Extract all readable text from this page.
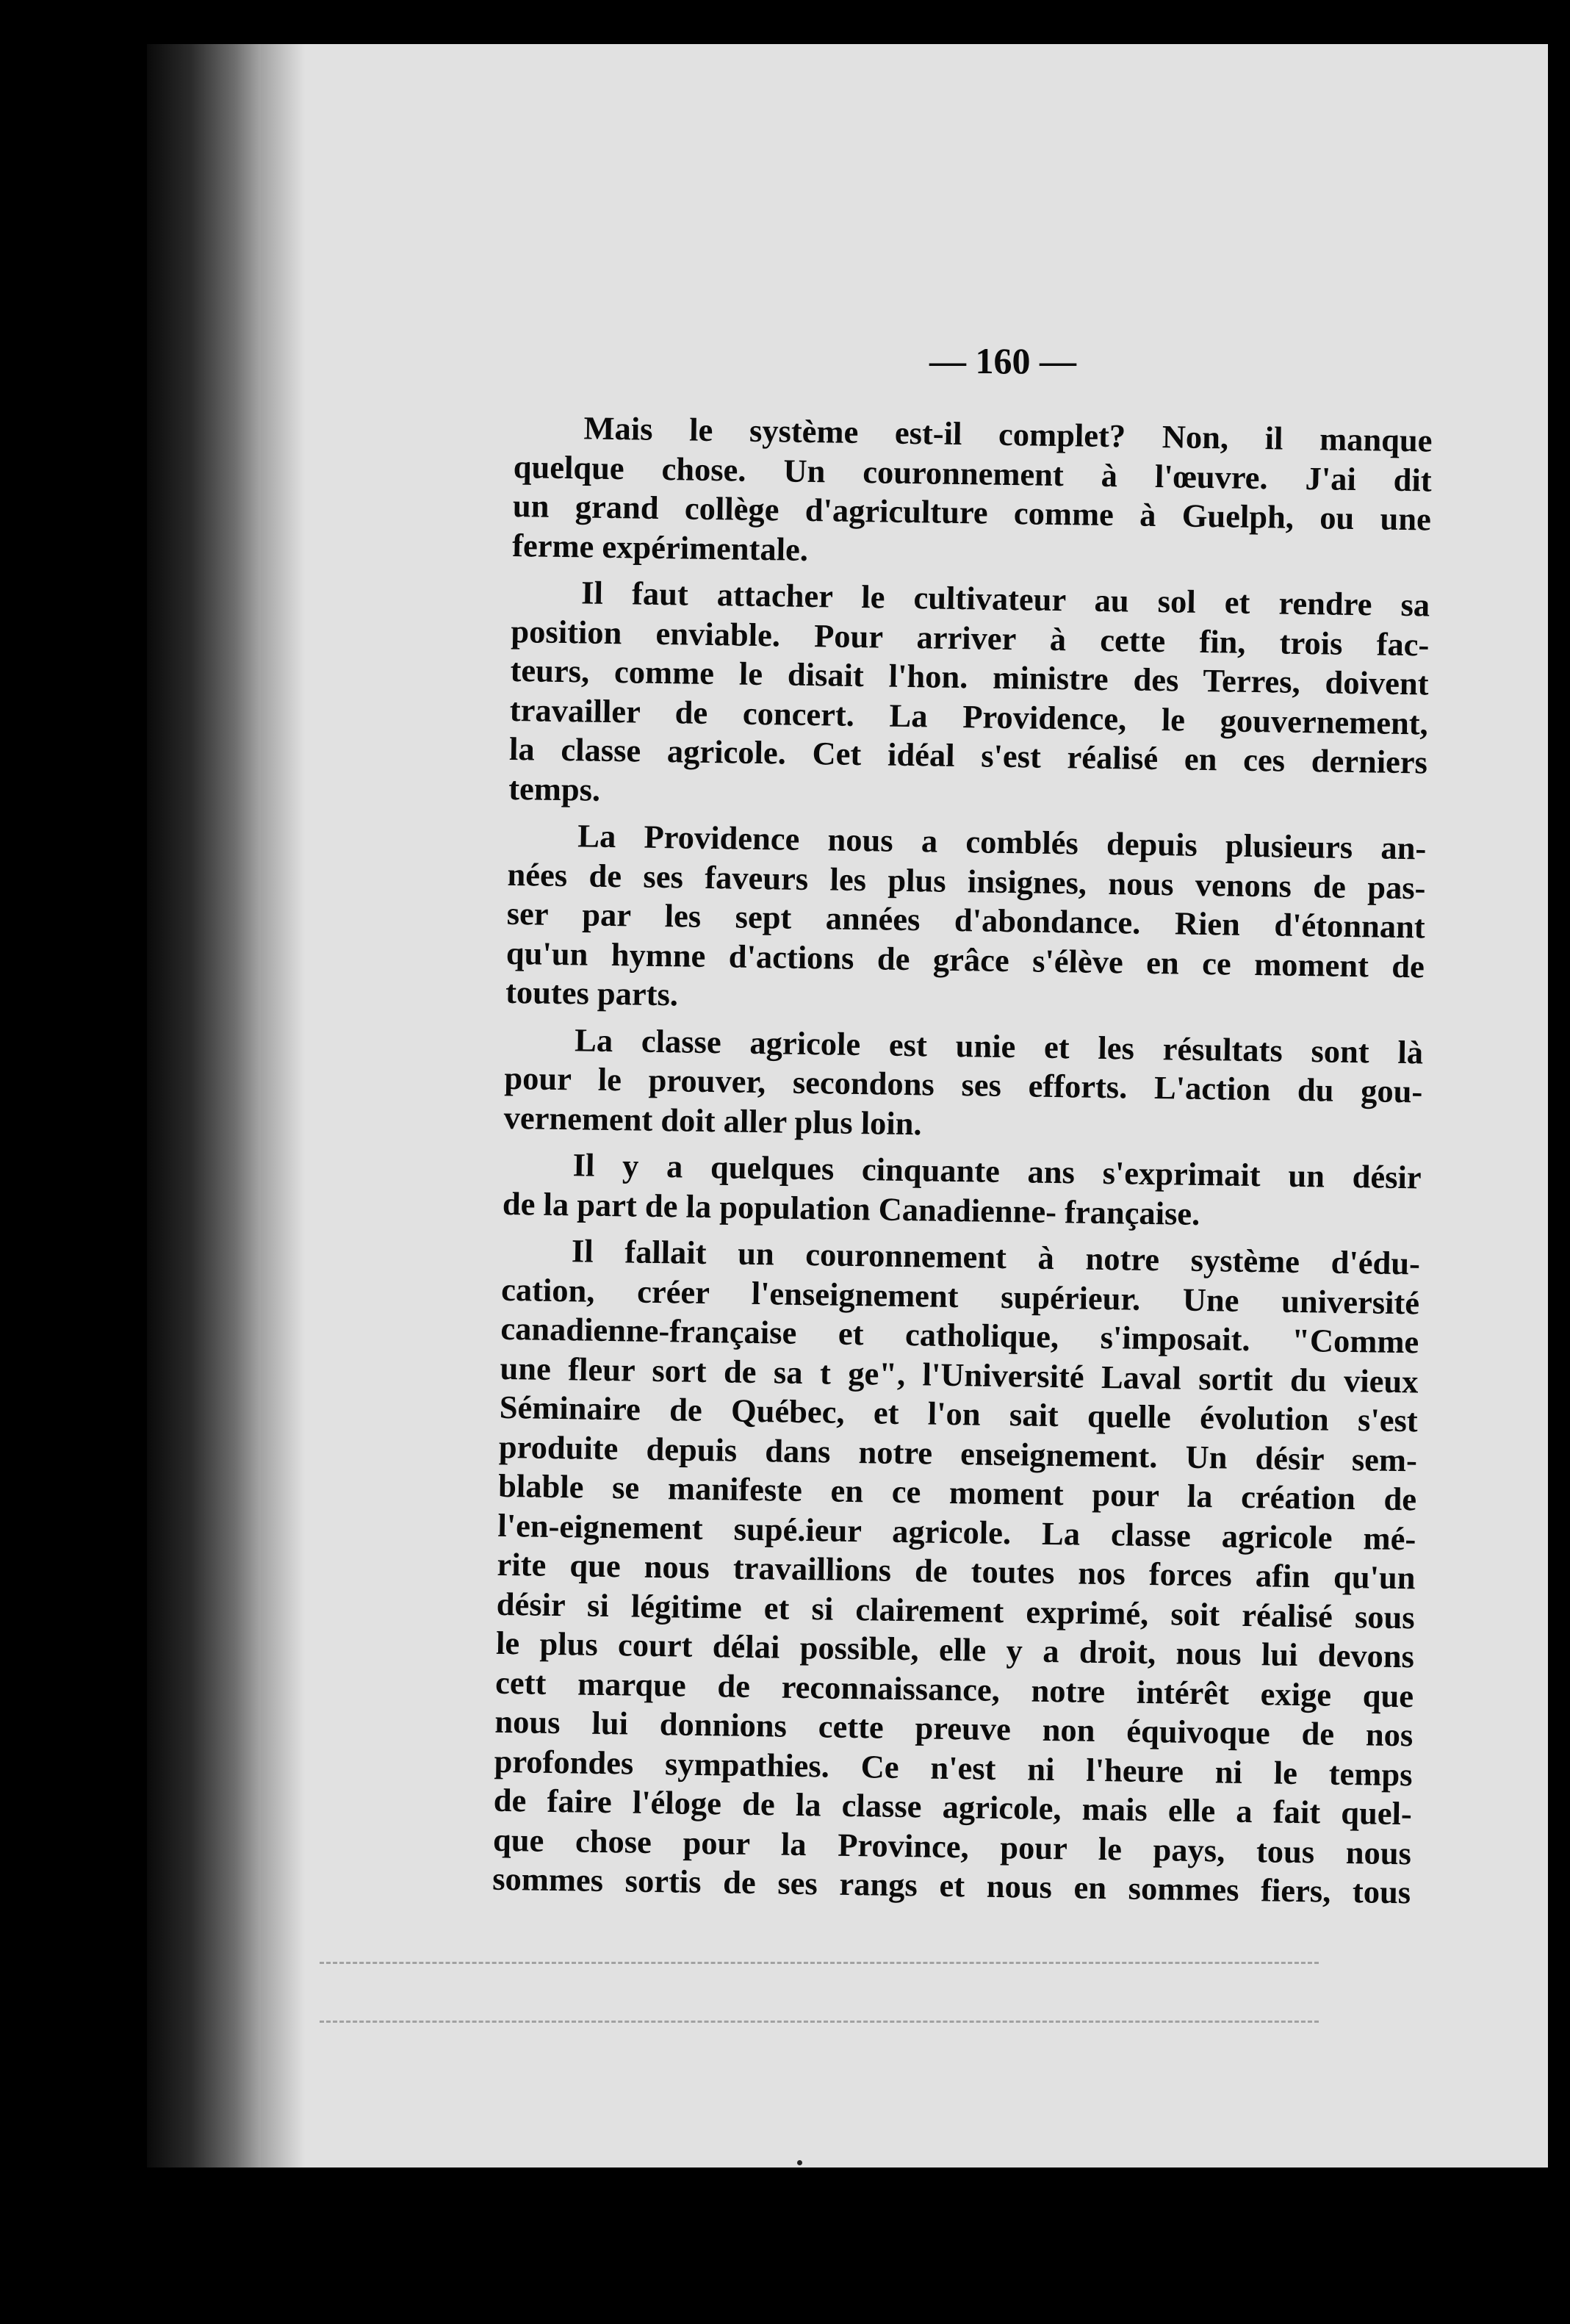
— 160 —
Mais le système est-il complet? Non, il manque
quelque chose. Un couronnement à l'œuvre. J'ai dit
un grand collège d'agriculture comme à Guelph, ou une
ferme expérimentale.
Il faut attacher le cultivateur au sol et rendre sa
position enviable. Pour arriver à cette fin, trois fac-
teurs, comme le disait l'hon. ministre des Terres, doivent
travailler de concert. La Providence, le gouvernement,
la classe agricole. Cet idéal s'est réalisé en ces derniers
temps.
La Providence nous a comblés depuis plusieurs an-
nées de ses faveurs les plus insignes, nous venons de pas-
ser par les sept années d'abondance. Rien d'étonnant
qu'un hymne d'actions de grâce s'élève en ce moment de
toutes parts.
La classe agricole est unie et les résultats sont là
pour le prouver, secondons ses efforts. L'action du gou-
vernement doit aller plus loin.
Il y a quelques cinquante ans s'exprimait un désir
de la part de la population Canadienne- française.
Il fallait un couronnement à notre système d'édu-
cation, créer l'enseignement supérieur. Une université
canadienne-française et catholique, s'imposait. "Comme
une fleur sort de sa t ge", l'Université Laval sortit du vieux
Séminaire de Québec, et l'on sait quelle évolution s'est
produite depuis dans notre enseignement. Un désir sem-
blable se manifeste en ce moment pour la création de
l'en-eignement supé.ieur agricole. La classe agricole mé-
rite que nous travaillions de toutes nos forces afin qu'un
désir si légitime et si clairement exprimé, soit réalisé sous
le plus court délai possible, elle y a droit, nous lui devons
cett marque de reconnaissance, notre intérêt exige que
nous lui donnions cette preuve non équivoque de nos
profondes sympathies. Ce n'est ni l'heure ni le temps
de faire l'éloge de la classe agricole, mais elle a fait quel-
que chose pour la Province, pour le pays, tous nous
sommes sortis de ses rangs et nous en sommes fiers, tous
